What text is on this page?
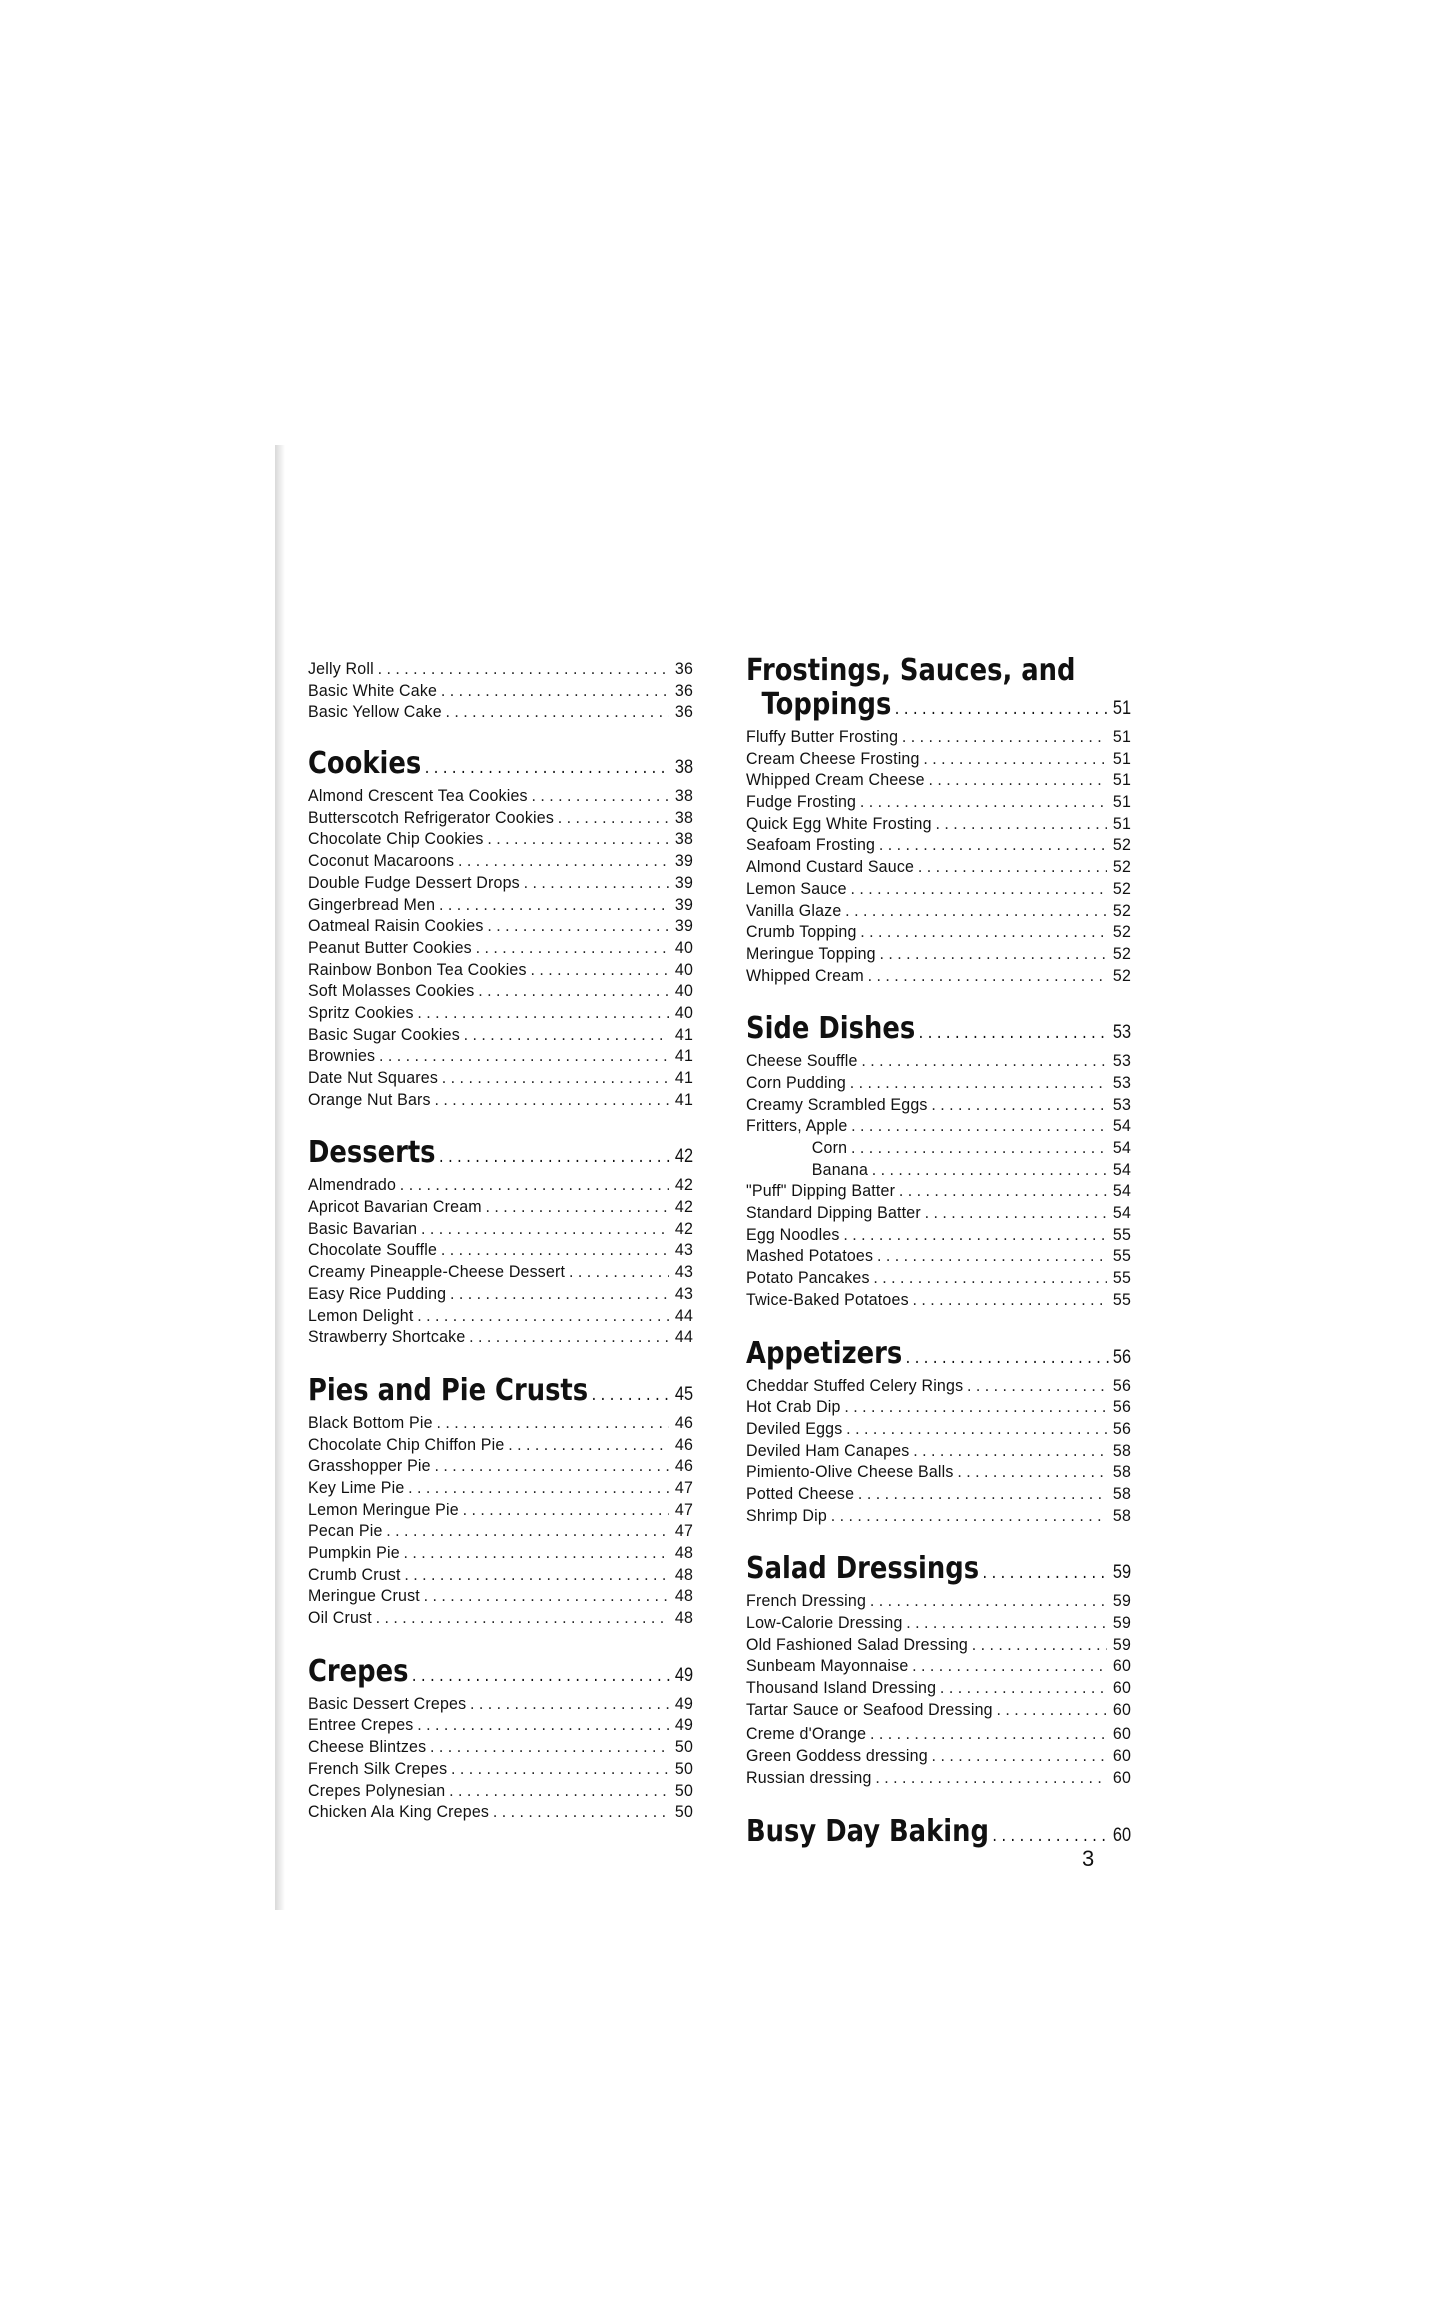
Jelly Roll . . .	36
Basic White Cake . . .	36
Basic Yellow Cake . . .	36
Cookies . . .	38
Almond Crescent Tea Cookies . . .	38
Butterscotch Refrigerator Cookies . . .	38
Chocolate Chip Cookies . . .	38
Coconut Macaroons . . .	39
Double Fudge Dessert Drops . . .	39
Gingerbread Men . . .	39
Oatmeal Raisin Cookies . . .	39
Peanut Butter Cookies . . .	40
Rainbow Bonbon Tea Cookies . . .	40
Soft Molasses Cookies . . .	40
Spritz Cookies . . .	40
Basic Sugar Cookies . . .	41
Brownies . . .	41
Date Nut Squares . . .	41
Orange Nut Bars . . .	41
Desserts . . .	42
Almendrado . . .	42
Apricot Bavarian Cream . . .	42
Basic Bavarian . . .	42
Chocolate Souffle . . .	43
Creamy Pineapple-Cheese Dessert . . .	43
Easy Rice Pudding . . .	43
Lemon Delight . . .	44
Strawberry Shortcake . . .	44
Pies and Pie Crusts . . .	45
Black Bottom Pie . . .	46
Chocolate Chip Chiffon Pie . . .	46
Grasshopper Pie . . .	46
Key Lime Pie . . .	47
Lemon Meringue Pie . . .	47
Pecan Pie . . .	47
Pumpkin Pie . . .	48
Crumb Crust . . .	48
Meringue Crust . . .	48
Oil Crust . . .	48
Crepes . . .	49
Basic Dessert Crepes . . .	49
Entree Crepes . . .	49
Cheese Blintzes . . .	50
French Silk Crepes . . .	50
Crepes Polynesian . . .	50
Chicken Ala King Crepes . . .	50
Frostings, Sauces, and
Toppings . . .	51
Fluffy Butter Frosting . . .	51
Cream Cheese Frosting . . .	51
Whipped Cream Cheese . . .	51
Fudge Frosting . . .	51
Quick Egg White Frosting . . .	51
Seafoam Frosting . . .	52
Almond Custard Sauce . . .	52
Lemon Sauce . . .	52
Vanilla Glaze . . .	52
Crumb Topping . . .	52
Meringue Topping . . .	52
Whipped Cream . . .	52
Side Dishes . . .	53
Cheese Souffle . . .	53
Corn Pudding . . .	53
Creamy Scrambled Eggs . . .	53
Fritters, Apple . . .	54
Corn . . .	54
Banana . . .	54
"Puff" Dipping Batter . . .	54
Standard Dipping Batter . . .	54
Egg Noodles . . .	55
Mashed Potatoes . . .	55
Potato Pancakes . . .	55
Twice-Baked Potatoes . . .	55
Appetizers . . .	56
Cheddar Stuffed Celery Rings . . .	56
Hot Crab Dip . . .	56
Deviled Eggs . . .	56
Deviled Ham Canapes . . .	58
Pimiento-Olive Cheese Balls . . .	58
Potted Cheese . . .	58
Shrimp Dip . . .	58
Salad Dressings . . .	59
French Dressing . . .	59
Low-Calorie Dressing . . .	59
Old Fashioned Salad Dressing . . .	59
Sunbeam Mayonnaise . . .	60
Thousand Island Dressing . . .	60
Tartar Sauce or Seafood Dressing . . .	60
Creme d'Orange . . .	60
Green Goddess dressing . . .	60
Russian dressing . . .	60
Busy Day Baking . . .	60
3
